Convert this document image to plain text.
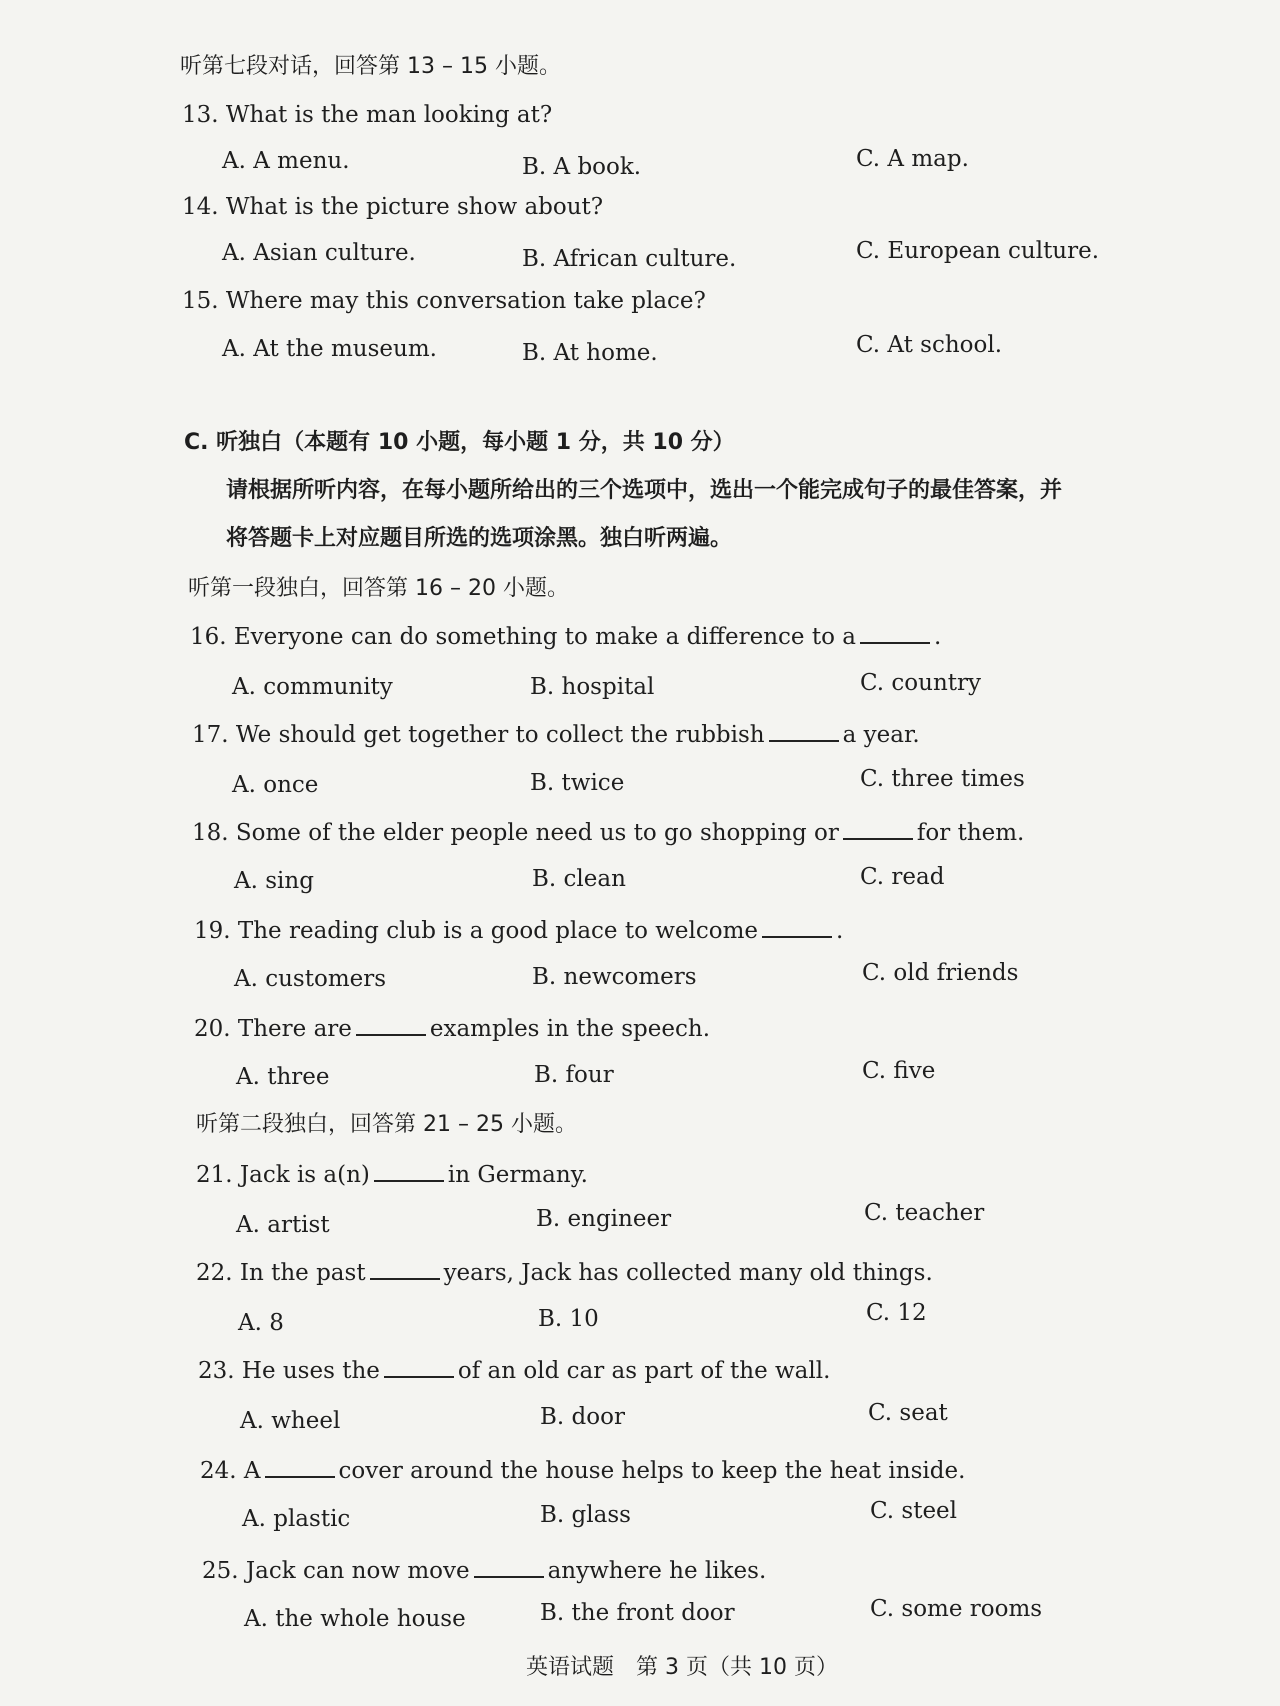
听第七段对话，回答第 13 – 15 小题。
13. What is the man looking at?
A. A menu.	B. A book.	C. A map.
14. What is the picture show about?
A. Asian culture.	B. African culture.	C. European culture.
15. Where may this conversation take place?
A. At the museum.	B. At home.	C. At school.
C. 听独白（本题有 10 小题，每小题 1 分，共 10 分）
请根据所听内容，在每小题所给出的三个选项中，选出一个能完成句子的最佳答案，并
将答题卡上对应题目所选的选项涂黑。独白听两遍。
听第一段独白，回答第 16 – 20 小题。
16. Everyone can do something to make a difference to a	.
A. community	B. hospital	C. country
17. We should get together to collect the rubbish	a year.
A. once	B. twice	C. three times
18. Some of the elder people need us to go shopping or	for them.
A. sing	B. clean	C. read
19. The reading club is a good place to welcome	.
A. customers	B. newcomers	C. old friends
20. There are	examples in the speech.
A. three	B. four	C. five
听第二段独白，回答第 21 – 25 小题。
21. Jack is a(n)	in Germany.
A. artist	B. engineer	C. teacher
22. In the past	years, Jack has collected many old things.
A. 8	B. 10	C. 12
23. He uses the	of an old car as part of the wall.
A. wheel	B. door	C. seat
24. A	cover around the house helps to keep the heat inside.
A. plastic	B. glass	C. steel
25. Jack can now move	anywhere he likes.
A. the whole house	B. the front door	C. some rooms
英语试题　第 3 页（共 10 页）
